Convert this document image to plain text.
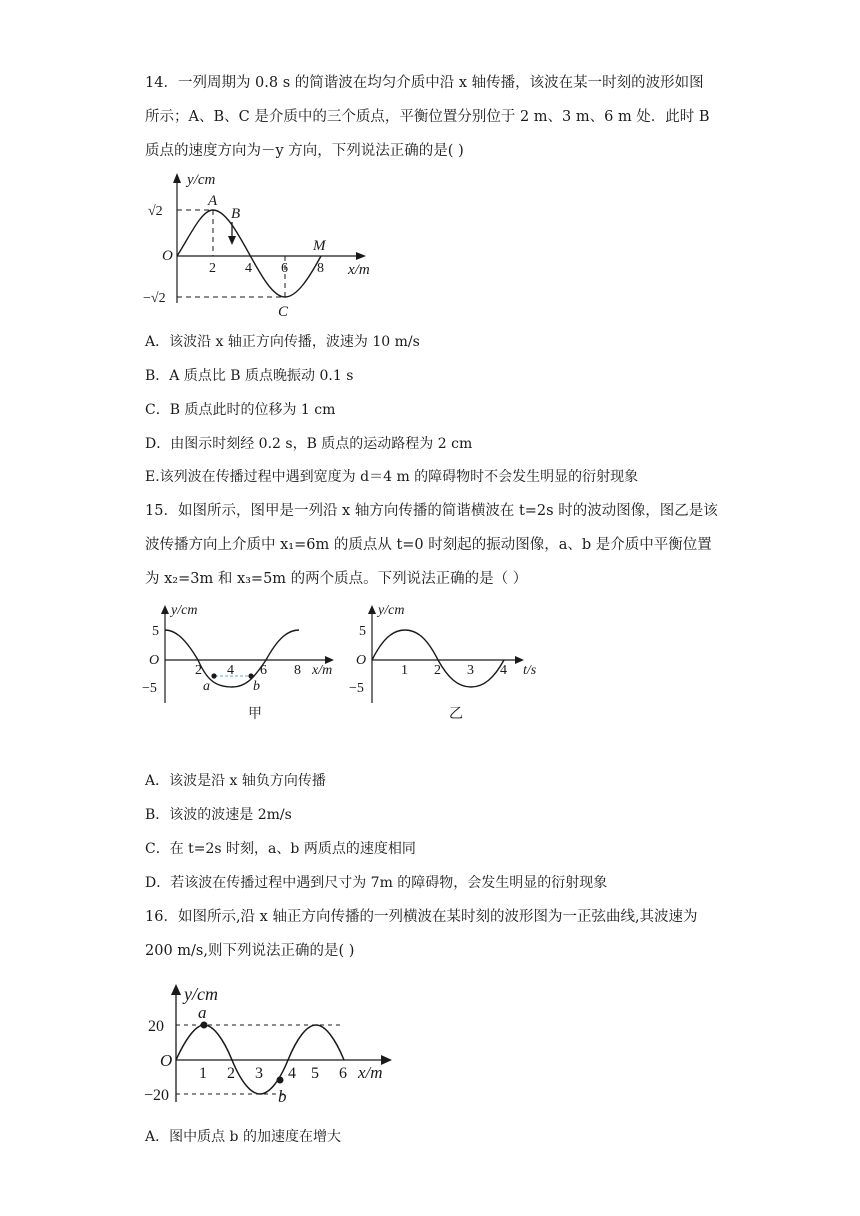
14．一列周期为 0.8 s 的简谐波在均匀介质中沿 x 轴传播，该波在某一时刻的波形如图
所示；A、B、C 是介质中的三个质点，平衡位置分别位于 2 m、3 m、6 m 处．此时 B
质点的速度方向为－y 方向，下列说法正确的是( )
y/cm
√2
−√2
O
2 4 6 8 x/m
A
B
C
M
A．该波沿 x 轴正方向传播，波速为 10 m/s
B．A 质点比 B 质点晚振动 0.1 s
C．B 质点此时的位移为 1 cm
D．由图示时刻经 0.2 s，B 质点的运动路程为 2 cm
E.该列波在传播过程中遇到宽度为 d＝4 m 的障碍物时不会发生明显的衍射现象
15．如图所示，图甲是一列沿 x 轴方向传播的简谐横波在 t=2s 时的波动图像，图乙是该
波传播方向上介质中 x₁=6m 的质点从 t=0 时刻起的振动图像，a、b 是介质中平衡位置
为 x₂=3m 和 x₃=5m 的两个质点。下列说法正确的是（ ）
y/cm
5
−5
O
2 4 6 8 x/m
a	b
甲
y/cm
5
−5
O
1 2 3 4 t/s
乙
A．该波是沿 x 轴负方向传播
B．该波的波速是 2m/s
C．在 t=2s 时刻，a、b 两质点的速度相同
D．若该波在传播过程中遇到尺寸为 7m 的障碍物，会发生明显的衍射现象
16．如图所示,沿 x 轴正方向传播的一列横波在某时刻的波形图为一正弦曲线,其波速为
200 m/s,则下列说法正确的是( )
y/cm
20
−20
O
1 2 3 4 5 6 x/m
a
b
A．图中质点 b 的加速度在增大
